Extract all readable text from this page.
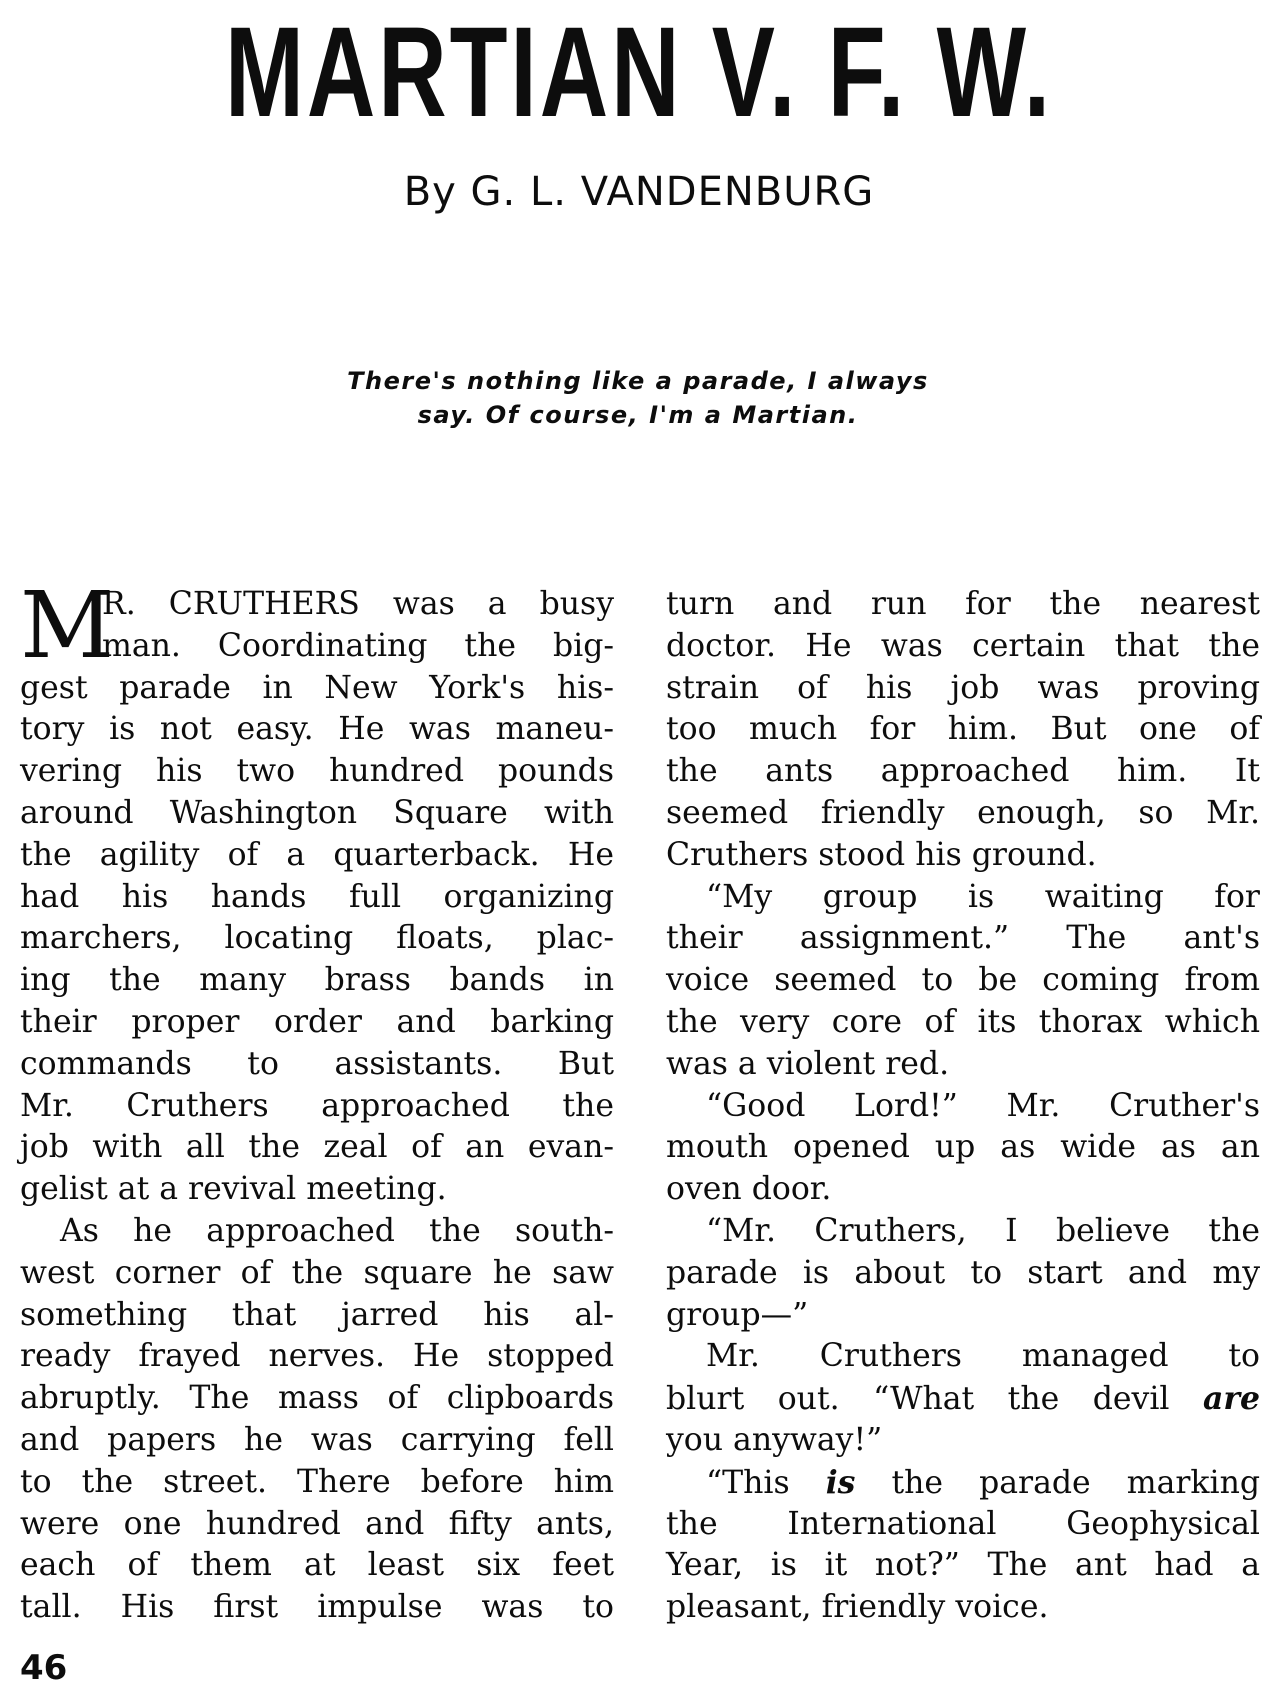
MARTIAN V. F. W.
By G. L. VANDENBURG
There's nothing like a parade, I always
say. Of course, I'm a Martian.
M
R. CRUTHERS was a busy
man. Coordinating the big-
gest parade in New York's his-
tory is not easy. He was maneu-
vering his two hundred pounds
around Washington Square with
the agility of a quarterback. He
had his hands full organizing
marchers, locating floats, plac-
ing the many brass bands in
their proper order and barking
commands to assistants. But
Mr. Cruthers approached the
job with all the zeal of an evan-
gelist at a revival meeting.
As he approached the south-
west corner of the square he saw
something that jarred his al-
ready frayed nerves. He stopped
abruptly. The mass of clipboards
and papers he was carrying fell
to the street. There before him
were one hundred and fifty ants,
each of them at least six feet
tall. His first impulse was to
turn and run for the nearest
doctor. He was certain that the
strain of his job was proving
too much for him. But one of
the ants approached him. It
seemed friendly enough, so Mr.
Cruthers stood his ground.
“My group is waiting for
their assignment.” The ant's
voice seemed to be coming from
the very core of its thorax which
was a violent red.
“Good Lord!” Mr. Cruther's
mouth opened up as wide as an
oven door.
“Mr. Cruthers, I believe the
parade is about to start and my
group—”
Mr. Cruthers managed to
blurt out. “What the devil are
you anyway!”
“This is the parade marking
the International Geophysical
Year, is it not?” The ant had a
pleasant, friendly voice.
46
